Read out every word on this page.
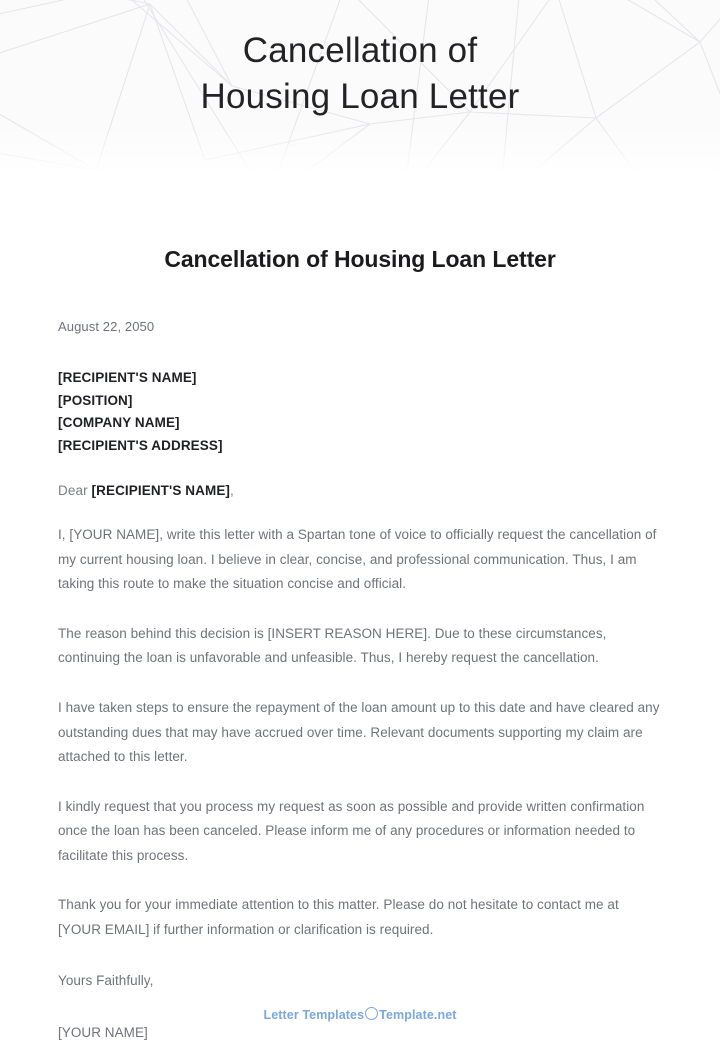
Cancellation of
Housing Loan Letter
Cancellation of Housing Loan Letter
August 22, 2050
[RECIPIENT'S NAME]
[POSITION]
[COMPANY NAME]
[RECIPIENT'S ADDRESS]
Dear [RECIPIENT'S NAME],

I, [YOUR NAME], write this letter with a Spartan tone of voice to officially request the cancellation of my current housing loan. I believe in clear, concise, and professional communication. Thus, I am taking this route to make the situation concise and official.

The reason behind this decision is [INSERT REASON HERE]. Due to these circumstances, continuing the loan is unfavorable and unfeasible. Thus, I hereby request the cancellation.

I have taken steps to ensure the repayment of the loan amount up to this date and have cleared any outstanding dues that may have accrued over time. Relevant documents supporting my claim are attached to this letter.

I kindly request that you process my request as soon as possible and provide written confirmation once the loan has been canceled. Please inform me of any procedures or information needed to facilitate this process.

Thank you for your immediate attention to this matter. Please do not hesitate to contact me at [YOUR EMAIL] if further information or clarification is required.

Yours Faithfully,
[YOUR NAME]
Letter Templates Template.net
